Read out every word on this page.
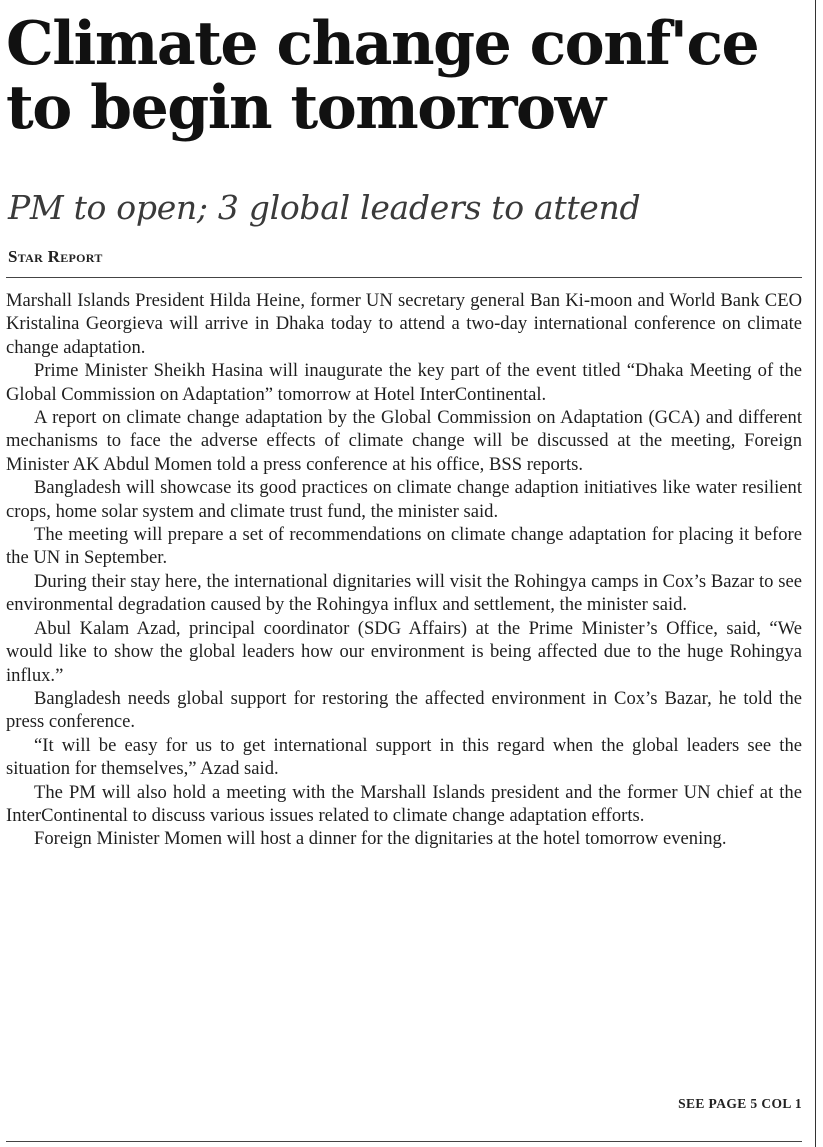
Climate change conf'ce to begin tomorrow
PM to open; 3 global leaders to attend
Star Report

Marshall Islands President Hilda Heine, former UN secretary general Ban Ki-moon and World Bank CEO Kristalina Georgieva will arrive in Dhaka today to attend a two-day international conference on climate change adaptation.

Prime Minister Sheikh Hasina will inaugurate the key part of the event titled “Dhaka Meeting of the Global Commission on Adaptation” tomorrow at Hotel InterContinental.

A report on climate change adaptation by the Global Commission on Adaptation (GCA) and different mechanisms to face the adverse effects of climate change will be discussed at the meeting, Foreign Minister AK Abdul Momen told a press conference at his office, BSS reports.

Bangladesh will showcase its good practices on climate change adaption initiatives like water resilient crops, home solar system and climate trust fund, the minister said.

The meeting will prepare a set of recommendations on climate change adaptation for placing it before the UN in September.

During their stay here, the international dignitaries will visit the Rohingya camps in Cox’s Bazar to see environmental degradation caused by the Rohingya influx and settlement, the minister said.

Abul Kalam Azad, principal coordinator (SDG Affairs) at the Prime Minister’s Office, said, “We would like to show the global leaders how our environment is being affected due to the huge Rohingya influx.”

Bangladesh needs global support for restoring the affected environment in Cox’s Bazar, he told the press conference.

“It will be easy for us to get international support in this regard when the global leaders see the situation for themselves,” Azad said.

The PM will also hold a meeting with the Marshall Islands president and the former UN chief at the InterContinental to discuss various issues related to climate change adaptation efforts.

Foreign Minister Momen will host a dinner for the dignitaries at the hotel tomorrow evening.

SEE PAGE 5 COL 1
